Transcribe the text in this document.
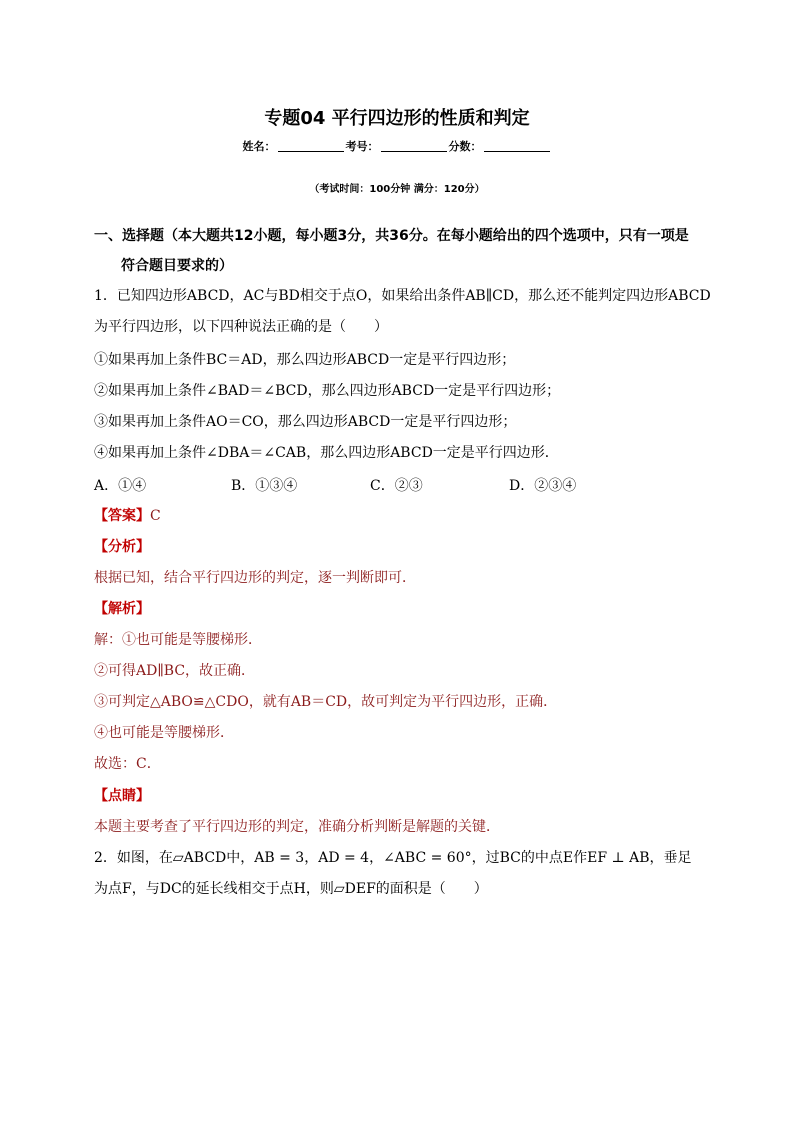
专题04 平行四边形的性质和判定
姓名：	考号：	分数：
（考试时间：100分钟 满分：120分）
一、选择题（本大题共12小题，每小题3分，共36分。在每小题给出的四个选项中，只有一项是
符合题目要求的）
1．已知四边形ABCD，AC与BD相交于点O，如果给出条件AB∥CD，那么还不能判定四边形ABCD
为平行四边形，以下四种说法正确的是（　　）
①如果再加上条件BC＝AD，那么四边形ABCD一定是平行四边形；
②如果再加上条件∠BAD＝∠BCD，那么四边形ABCD一定是平行四边形；
③如果再加上条件AO＝CO，那么四边形ABCD一定是平行四边形；
④如果再加上条件∠DBA＝∠CAB，那么四边形ABCD一定是平行四边形．
A．①④	B．①③④	C．②③	D．②③④
【答案】C
【分析】
根据已知，结合平行四边形的判定，逐一判断即可．
【解析】
解：①也可能是等腰梯形．
②可得AD∥BC，故正确．
③可判定△ABO≌△CDO，就有AB＝CD，故可判定为平行四边形，正确．
④也可能是等腰梯形．
故选：C．
【点睛】
本题主要考查了平行四边形的判定，准确分析判断是解题的关键．
2．如图，在▱ABCD中，AB = 3，AD = 4，∠ABC = 60°，过BC的中点E作EF ⊥ AB，垂足
为点F，与DC的延长线相交于点H，则▱DEF的面积是（　　）
